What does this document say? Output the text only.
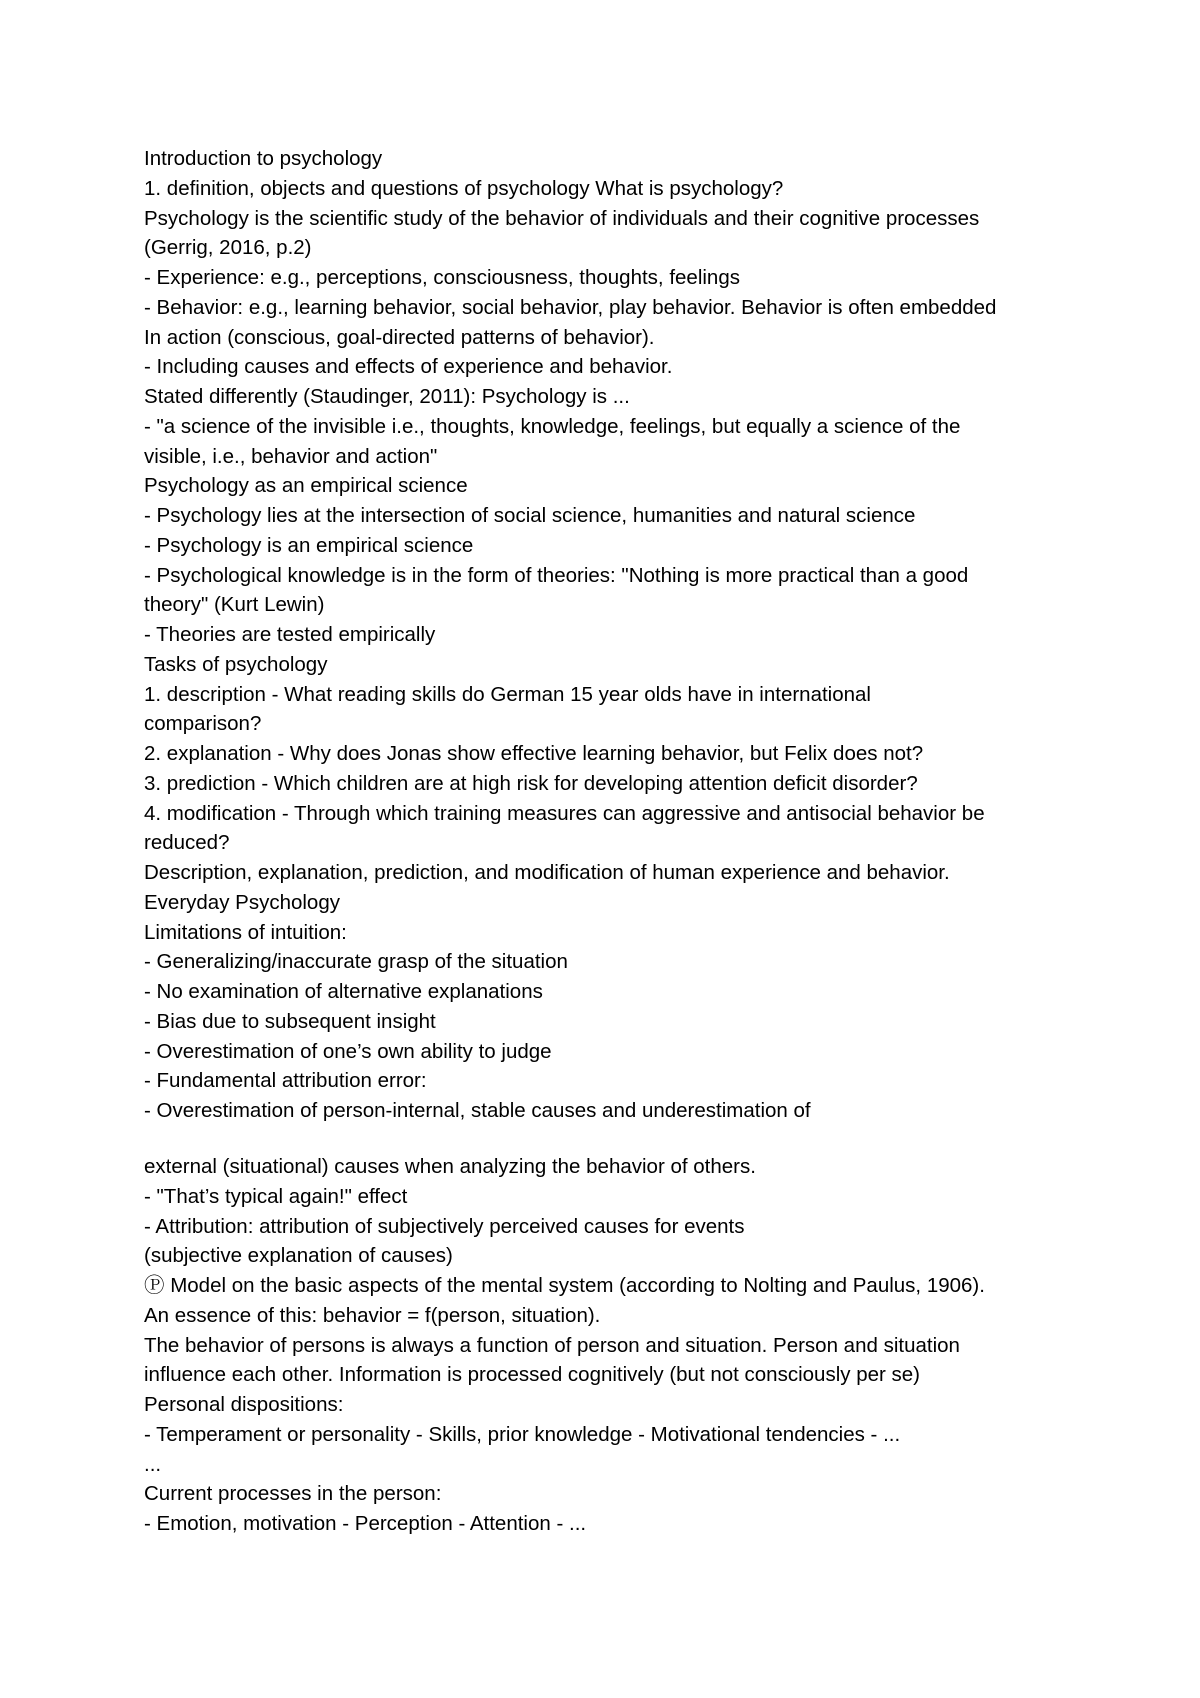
Introduction to psychology
1. definition, objects and questions of psychology What is psychology?
Psychology is the scientific study of the behavior of individuals and their cognitive processes
(Gerrig, 2016, p.2)
- Experience: e.g., perceptions, consciousness, thoughts, feelings
- Behavior: e.g., learning behavior, social behavior, play behavior. Behavior is often embedded
In action (conscious, goal-directed patterns of behavior).
- Including causes and effects of experience and behavior.
Stated differently (Staudinger, 2011): Psychology is ...
- "a science of the invisible i.e., thoughts, knowledge, feelings, but equally a science of the
visible, i.e., behavior and action"
Psychology as an empirical science
- Psychology lies at the intersection of social science, humanities and natural science
- Psychology is an empirical science
- Psychological knowledge is in the form of theories: "Nothing is more practical than a good
theory" (Kurt Lewin)
- Theories are tested empirically
Tasks of psychology
1. description - What reading skills do German 15 year olds have in international
comparison?
2. explanation - Why does Jonas show effective learning behavior, but Felix does not?
3. prediction - Which children are at high risk for developing attention deficit disorder?
4. modification - Through which training measures can aggressive and antisocial behavior be
reduced?
Description, explanation, prediction, and modification of human experience and behavior.
Everyday Psychology
Limitations of intuition:
- Generalizing/inaccurate grasp of the situation
- No examination of alternative explanations
- Bias due to subsequent insight
- Overestimation of one’s own ability to judge
- Fundamental attribution error:
- Overestimation of person-internal, stable causes and underestimation of
external (situational) causes when analyzing the behavior of others.
- "That’s typical again!" effect
- Attribution: attribution of subjectively perceived causes for events
(subjective explanation of causes)
Ⓟ Model on the basic aspects of the mental system (according to Nolting and Paulus, 1906).
An essence of this: behavior = f(person, situation).
The behavior of persons is always a function of person and situation. Person and situation
influence each other. Information is processed cognitively (but not consciously per se)
Personal dispositions:
- Temperament or personality - Skills, prior knowledge - Motivational tendencies - ...
...
Current processes in the person:
- Emotion, motivation - Perception - Attention - ...
